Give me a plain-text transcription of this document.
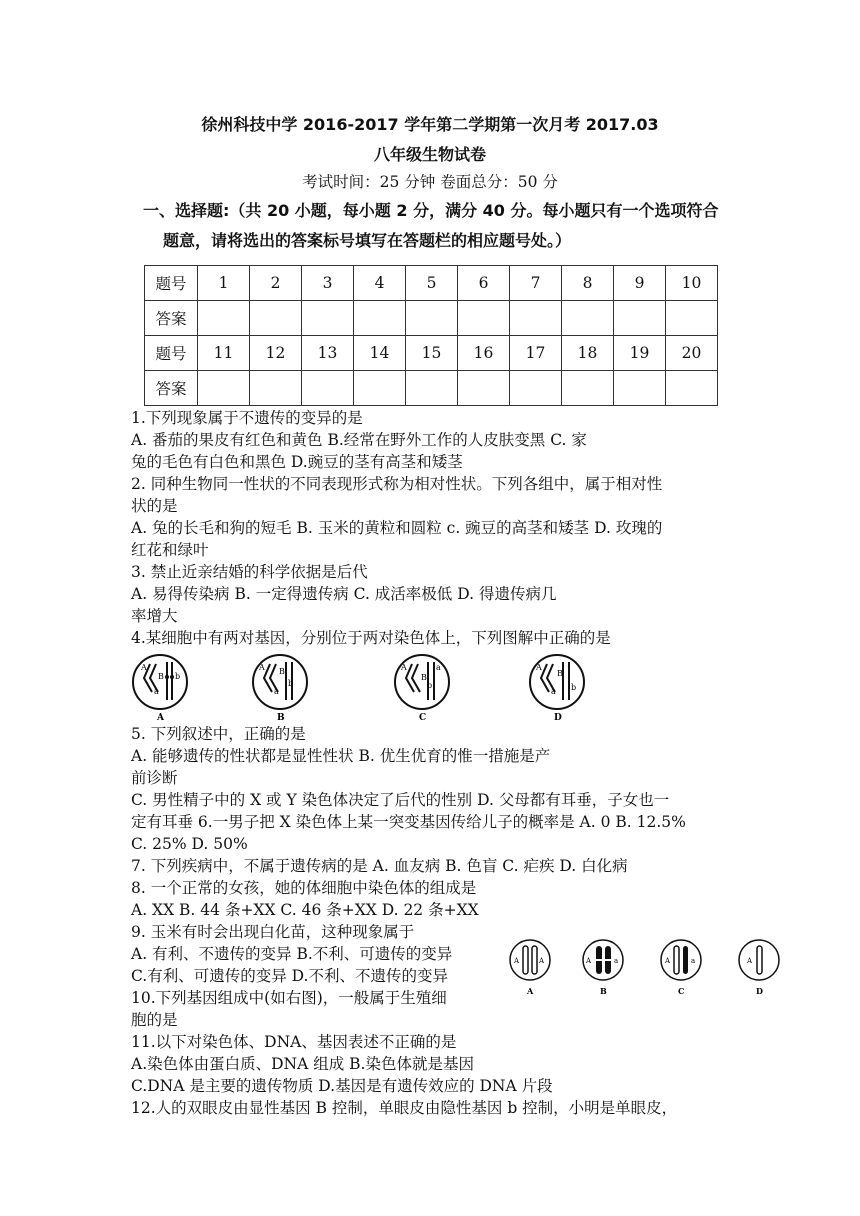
徐州科技中学 2016-2017 学年第二学期第一次月考 2017.03
八年级生物试卷
考试时间：25 分钟 卷面总分：50 分
一、选择题:（共 20 小题，每小题 2 分，满分 40 分。每小题只有一个选项符合
题意，请将选出的答案标号填写在答题栏的相应题号处。）
题号	1	2	3	4	5	6	7	8	9	10
答案										
题号	11	12	13	14	15	16	17	18	19	20
答案										
1.下列现象属于不遗传的变异的是
A. 番茄的果皮有红色和黄色 B.经常在野外工作的人皮肤变黑 C. 家
兔的毛色有白色和黑色 D.豌豆的茎有高茎和矮茎
2. 同种生物同一性状的不同表现形式称为相对性状。下列各组中，属于相对性
状的是
A. 兔的长毛和狗的短毛 B. 玉米的黄粒和圆粒 c. 豌豆的高茎和矮茎 D. 玫瑰的
红花和绿叶
3. 禁止近亲结婚的科学依据是后代
A. 易得传染病 B. 一定得遗传病 C. 成活率极低 D. 得遗传病几
率增大
4.某细胞中有两对基因，分别位于两对染色体上，下列图解中正确的是
A
a
B b
A
a
B
b
A	a
B
b
A
a
B
b
A	B	C	D
5. 下列叙述中，正确的是
A. 能够遗传的性状都是显性性状 B. 优生优育的惟一措施是产
前诊断
C. 男性精子中的 X 或 Y 染色体决定了后代的性别 D. 父母都有耳垂，子女也一
定有耳垂 6.一男子把 X 染色体上某一突变基因传给儿子的概率是 A. 0 B. 12.5%
C. 25% D. 50%
7. 下列疾病中，不属于遗传病的是 A. 血友病 B. 色盲 C. 疟疾 D. 白化病
8. 一个正常的女孩，她的体细胞中染色体的组成是
A. XX B. 44 条+XX C. 46 条+XX D. 22 条+XX
9. 玉米有时会出现白化苗，这种现象属于
A. 有利、不遗传的变异 B.不利、可遗传的变异
C.有利、可遗传的变异 D.不利、不遗传的变异
10.下列基因组成中(如右图)，一般属于生殖细
胞的是
A	A	A	a	A	a	A
A	B	C	D
11.以下对染色体、DNA、基因表述不正确的是
A.染色体由蛋白质、DNA 组成 B.染色体就是基因
C.DNA 是主要的遗传物质 D.基因是有遗传效应的 DNA 片段
12.人的双眼皮由显性基因 B 控制，单眼皮由隐性基因 b 控制，小明是单眼皮，
